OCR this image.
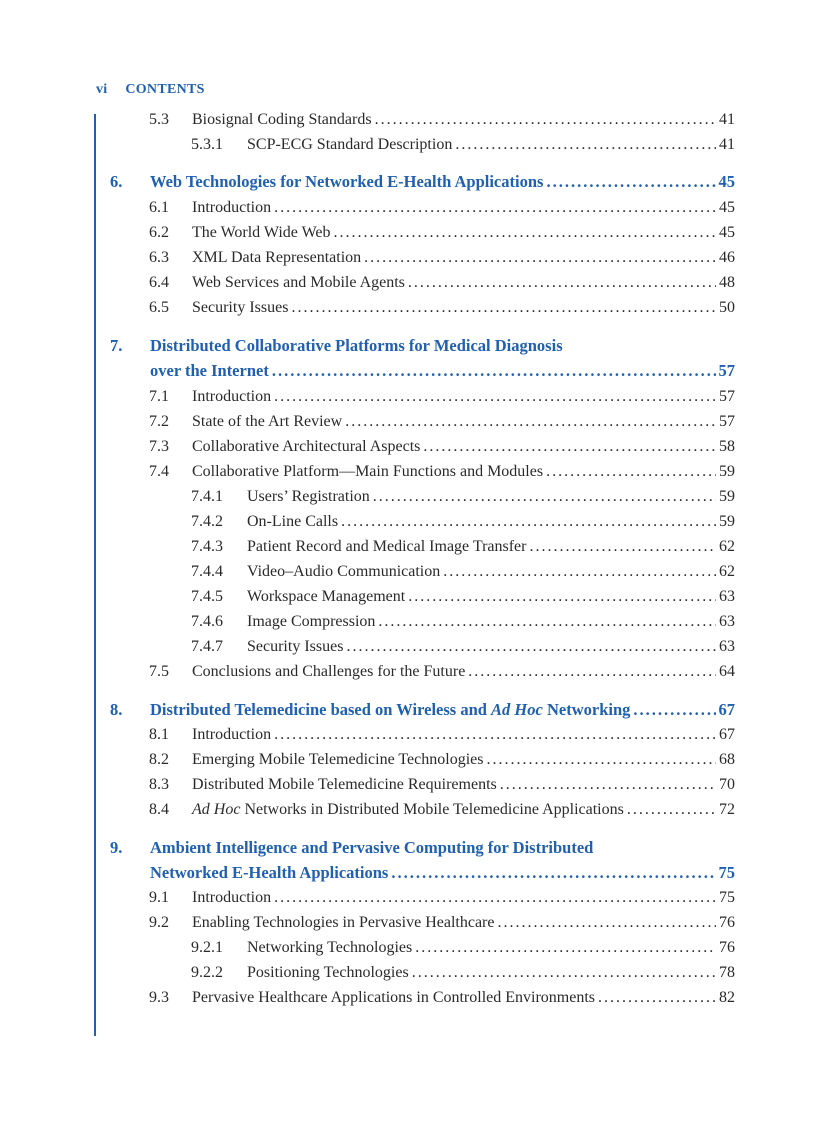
vi CONTENTS
5.3 Biosignal Coding Standards .....	41
5.3.1 SCP-ECG Standard Description .....	41
6. Web Technologies for Networked E-Health Applications .....	45
6.1 Introduction .....	45
6.2 The World Wide Web .....	45
6.3 XML Data Representation .....	46
6.4 Web Services and Mobile Agents .....	48
6.5 Security Issues .....	50
7. Distributed Collaborative Platforms for Medical Diagnosis
over the Internet .....	57
7.1 Introduction .....	57
7.2 State of the Art Review .....	57
7.3 Collaborative Architectural Aspects .....	58
7.4 Collaborative Platform—Main Functions and Modules .....	59
7.4.1 Users’ Registration .....	59
7.4.2 On-Line Calls .....	59
7.4.3 Patient Record and Medical Image Transfer .....	62
7.4.4 Video–Audio Communication .....	62
7.4.5 Workspace Management .....	63
7.4.6 Image Compression .....	63
7.4.7 Security Issues .....	63
7.5 Conclusions and Challenges for the Future .....	64
8. Distributed Telemedicine based on Wireless and Ad Hoc Networking .....	67
8.1 Introduction .....	67
8.2 Emerging Mobile Telemedicine Technologies .....	68
8.3 Distributed Mobile Telemedicine Requirements .....	70
8.4 Ad Hoc Networks in Distributed Mobile Telemedicine Applications .....	72
9. Ambient Intelligence and Pervasive Computing for Distributed
Networked E-Health Applications .....	75
9.1 Introduction .....	75
9.2 Enabling Technologies in Pervasive Healthcare .....	76
9.2.1 Networking Technologies .....	76
9.2.2 Positioning Technologies .....	78
9.3 Pervasive Healthcare Applications in Controlled Environments .....	82
